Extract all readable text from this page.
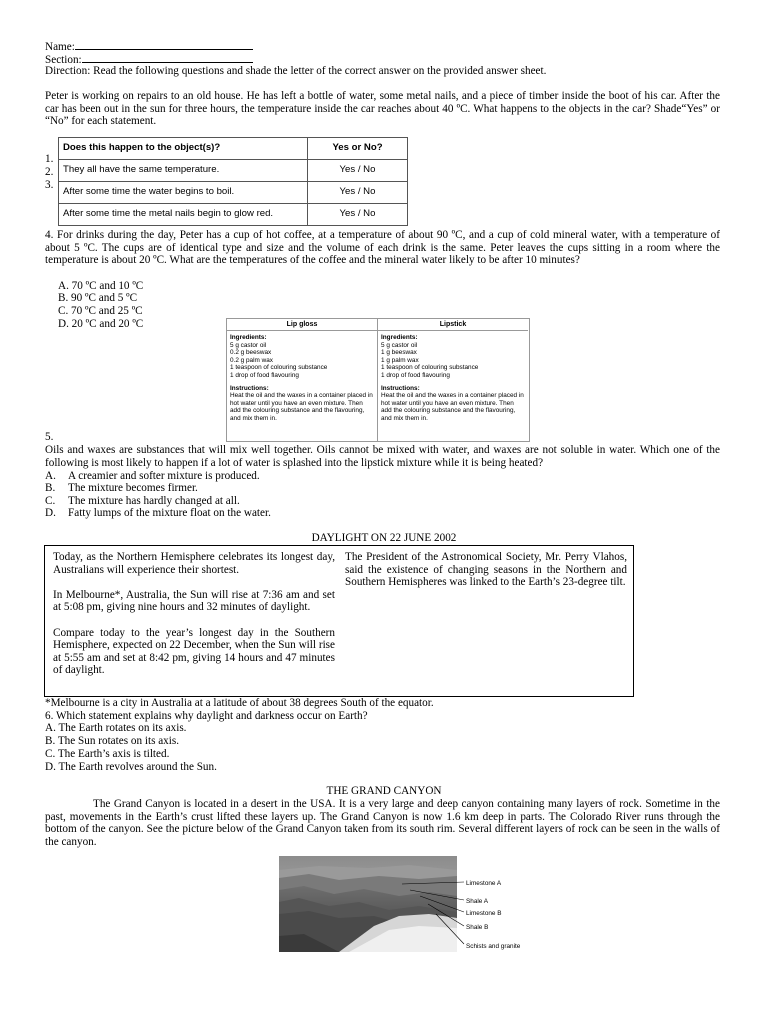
Name:
Section:
Direction: Read the following questions and shade the letter of the correct answer on the provided answer sheet.

Peter is working on repairs to an old house. He has left a bottle of water, some metal nails, and a piece of timber inside the boot of his car. After the car has been out in the sun for three hours, the temperature inside the car reaches about 40 ºC. What happens to the objects in the car? Shade“Yes” or “No” for each statement.

1.
2.
3.
Does this happen to the object(s)?	Yes or No?
They all have the same temperature.	Yes / No
After some time the water begins to boil.	Yes / No
After some time the metal nails begin to glow red.	Yes / No

4. For drinks during the day, Peter has a cup of hot coffee, at a temperature of about 90 ºC, and a cup of cold mineral water, with a temperature of about 5 ºC. The cups are of identical type and size and the volume of each drink is the same. Peter leaves the cups sitting in a room where the temperature is about 20 ºC. What are the temperatures of the coffee and the mineral water likely to be after 10 minutes?

A. 70 ºC and 10 ºC
B. 90 ºC and 5 ºC
C. 70 ºC and 25 ºC
D. 20 ºC and 20 ºC	Lip gloss
Ingredients:
5 g castor oil
0.2 g beeswax
0.2 g palm wax
1 teaspoon of colouring substance
1 drop of food flavouring
Instructions:
Heat the oil and the waxes in a container placed in hot water until you have an even mixture. Then add the colouring substance and the flavouring, and mix them in.
Lipstick
Ingredients:
5 g castor oil
1 g beeswax
1 g palm wax
1 teaspoon of colouring substance
1 drop of food flavouring
Instructions:
Heat the oil and the waxes in a container placed in hot water until you have an even mixture. Then add the colouring substance and the flavouring, and mix them in.
5.

Oils and waxes are substances that will mix well together. Oils cannot be mixed with water, and waxes are not soluble in water. Which one of the following is most likely to happen if a lot of water is splashed into the lipstick mixture while it is being heated?

A. A creamier and softer mixture is produced.
B. The mixture becomes firmer.
C. The mixture has hardly changed at all.
D. Fatty lumps of the mixture float on the water.
DAYLIGHT ON 22 JUNE 2002

Today, as the Northern Hemisphere celebrates its longest day, Australians will experience their shortest.

In Melbourne*, Australia, the Sun will rise at 7:36 am and set at 5:08 pm, giving nine hours and 32 minutes of daylight.

Compare today to the year’s longest day in the Southern Hemisphere, expected on 22 December, when the Sun will rise at 5:55 am and set at 8:42 pm, giving 14 hours and 47 minutes of daylight.

The President of the Astronomical Society, Mr. Perry Vlahos, said the existence of changing seasons in the Northern and Southern Hemispheres was linked to the Earth’s 23-degree tilt.

*Melbourne is a city in Australia at a latitude of about 38 degrees South of the equator.
6. Which statement explains why daylight and darkness occur on Earth?
A. The Earth rotates on its axis.
B. The Sun rotates on its axis.
C. The Earth’s axis is tilted.
D. The Earth revolves around the Sun.
THE GRAND CANYON

The Grand Canyon is located in a desert in the USA. It is a very large and deep canyon containing many layers of rock. Sometime in the past, movements in the Earth’s crust lifted these layers up. The Grand Canyon is now 1.6 km deep in parts. The Colorado River runs through the bottom of the canyon. See the picture below of the Grand Canyon taken from its south rim. Several different layers of rock can be seen in the walls of the canyon.

Limestone A
Shale A
Limestone B
Shale B
Schists and granite
